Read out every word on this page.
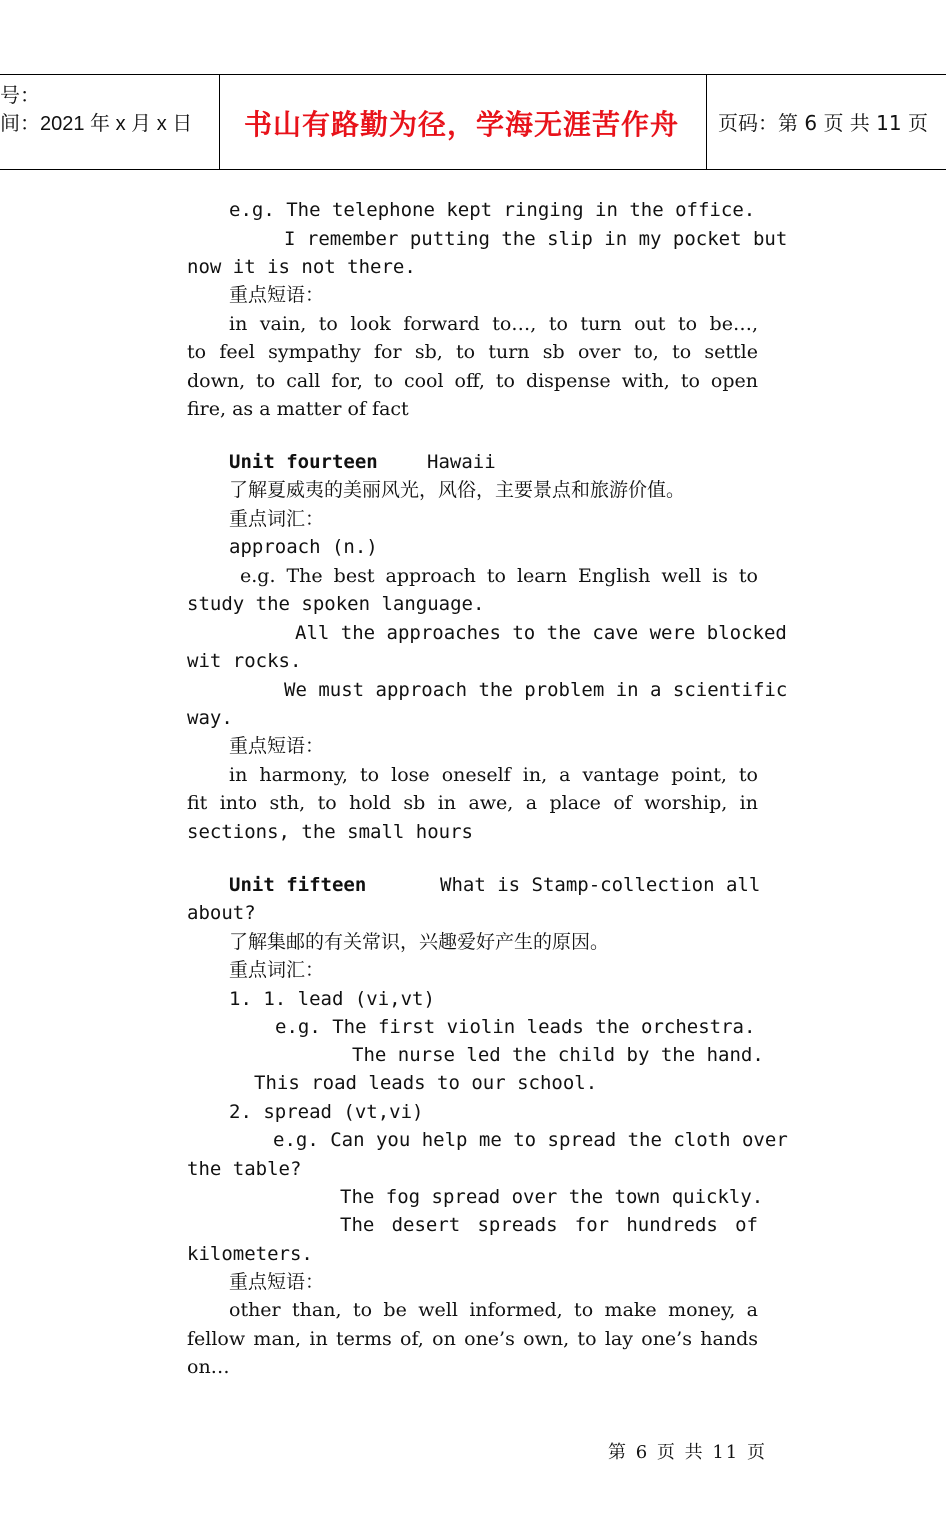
号：
间：2021 年 x 月 x 日 书山有路勤为径，学海无涯苦作舟 页码：第 6 页 共 11 页
e.g. The telephone kept ringing in the office.
I remember putting the slip in my pocket but
now it is not there.
重点短语：
in vain, to look forward to…, to turn out to be…,
to feel sympathy for sb, to turn sb over to, to settle
down, to call for, to cool off, to dispense with, to open
fire, as a matter of fact
Unit fourteen	Hawaii
了解夏威夷的美丽风光，风俗，主要景点和旅游价值。
重点词汇：
approach (n.)
e.g. The best approach to learn English well is to
study the spoken language.
All the approaches to the cave were blocked
wit rocks.
We must approach the problem in a scientific
way.
重点短语：
in harmony, to lose oneself in, a vantage point, to
fit into sth, to hold sb in awe, a place of worship, in
sections, the small hours
Unit fifteen	What is Stamp-collection all
about?
了解集邮的有关常识，兴趣爱好产生的原因。
重点词汇：
1. 1. lead (vi,vt)
e.g. The first violin leads the orchestra.
The nurse led the child by the hand.
This road leads to our school.
2. spread (vt,vi)
e.g. Can you help me to spread the cloth over
the table?
The fog spread over the town quickly.
The desert spreads for hundreds of
kilometers.
重点短语：
other than, to be well informed, to make money, a
fellow man, in terms of, on one’s own, to lay one’s hands
on…
第 6 页 共 11 页
